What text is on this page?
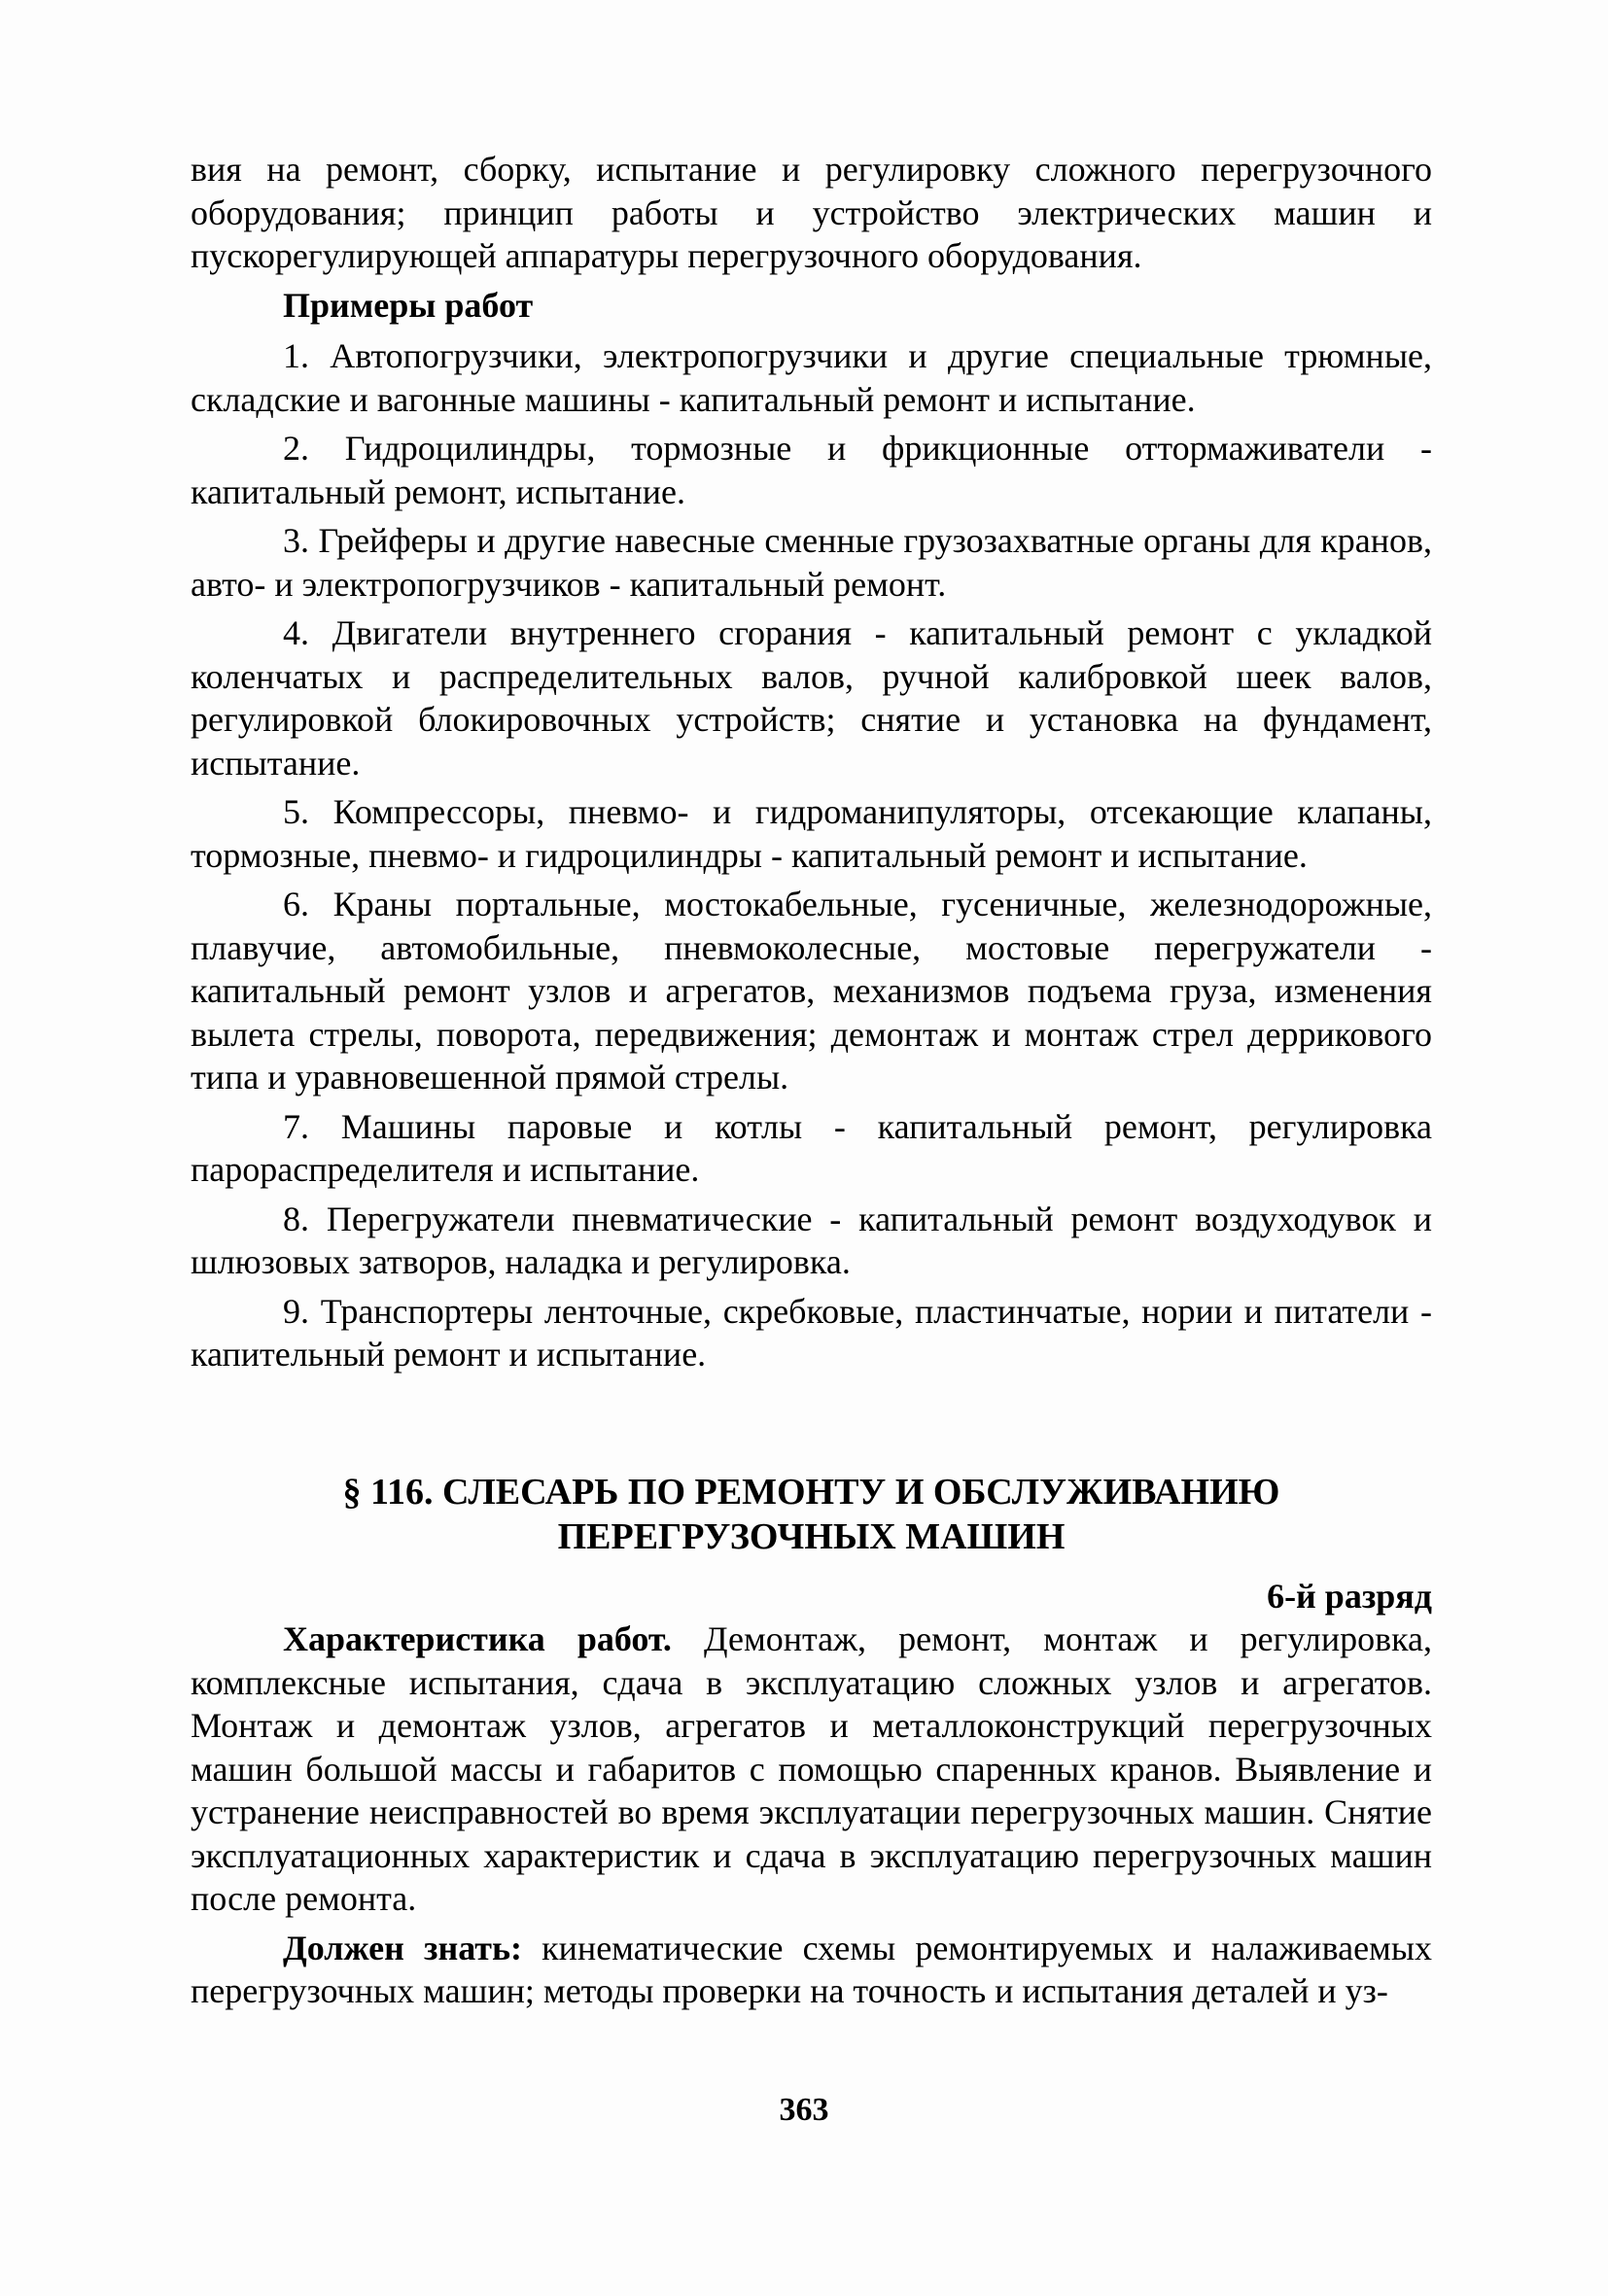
вия на ремонт, сборку, испытание и регулировку сложного перегрузочного оборудования; принцип работы и устройство электрических машин и пускорегулирующей аппаратуры перегрузочного оборудования.

Примеры работ

1. Автопогрузчики, электропогрузчики и другие специальные трюмные, складские и вагонные машины - капитальный ремонт и испытание.

2. Гидроцилиндры, тормозные и фрикционные оттормаживатели - капитальный ремонт, испытание.

3. Грейферы и другие навесные сменные грузозахватные органы для кранов, авто- и электропогрузчиков - капитальный ремонт.

4. Двигатели внутреннего сгорания - капитальный ремонт с укладкой коленчатых и распределительных валов, ручной калибровкой шеек валов, регулировкой блокировочных устройств; снятие и установка на фундамент, испытание.

5. Компрессоры, пневмо- и гидроманипуляторы, отсекающие клапаны, тормозные, пневмо- и гидроцилиндры - капитальный ремонт и испытание.

6. Краны портальные, мостокабельные, гусеничные, железнодорожные, плавучие, автомобильные, пневмоколесные, мостовые перегружатели - капитальный ремонт узлов и агрегатов, механизмов подъема груза, изменения вылета стрелы, поворота, передвижения; демонтаж и монтаж стрел деррикового типа и уравновешенной прямой стрелы.

7. Машины паровые и котлы - капитальный ремонт, регулировка парораспределителя и испытание.

8. Перегружатели пневматические - капитальный ремонт воздуходувок и шлюзовых затворов, наладка и регулировка.

9. Транспортеры ленточные, скребковые, пластинчатые, нории и питатели - капительный ремонт и испытание.

§ 116. СЛЕСАРЬ ПО РЕМОНТУ И ОБСЛУЖИВАНИЮ
ПЕРЕГРУЗОЧНЫХ МАШИН
6-й разряд

Характеристика работ. Демонтаж, ремонт, монтаж и регулировка, комплексные испытания, сдача в эксплуатацию сложных узлов и агрегатов. Монтаж и демонтаж узлов, агрегатов и металлоконструкций перегрузочных машин большой массы и габаритов с помощью спаренных кранов. Выявление и устранение неисправностей во время эксплуатации перегрузочных машин. Снятие эксплуатационных характеристик и сдача в эксплуатацию перегрузочных машин после ремонта.

Должен знать: кинематические схемы ремонтируемых и налаживаемых перегрузочных машин; методы проверки на точность и испытания деталей и уз-

363
